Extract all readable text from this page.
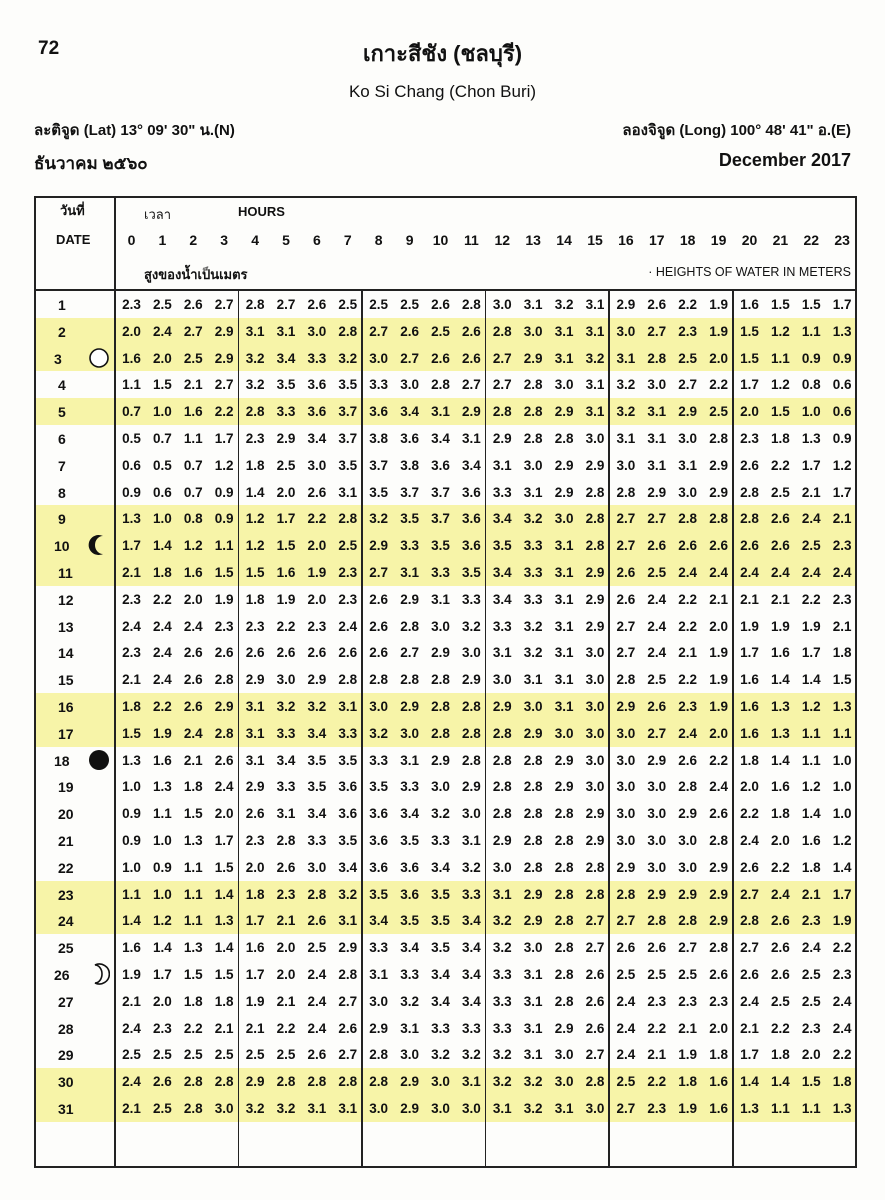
72	เกาะสีชัง (ชลบุรี)
Ko Si Chang (Chon Buri)
ละติจูด (Lat) 13° 09' 30" น.(N)	ลองจิจูด (Long) 100° 48' 41" อ.(E)
ธันวาคม ๒๕๖๐	December 2017
วันที่
DATE
เวลา	HOURS
สูงของน้ำเป็นเมตร	· HEIGHTS OF WATER IN METERS
0	1	2	3	4	5	6	7	8	9	10	11	12	13	14	15	16	17	18	19	20	21	22	23
1	2.3 2.5 2.6 2.7 2.8 2.7 2.6 2.5 2.5 2.5 2.6 2.8 3.0 3.1 3.2 3.1 2.9 2.6 2.2 1.9 1.6 1.5 1.5 1.7
2	2.0 2.4 2.7 2.9 3.1 3.1 3.0 2.8 2.7 2.6 2.5 2.6 2.8 3.0 3.1 3.1 3.0 2.7 2.3 1.9 1.5 1.2 1.1 1.3
3	1.6 2.0 2.5 2.9 3.2 3.4 3.3 3.2 3.0 2.7 2.6 2.6 2.7 2.9 3.1 3.2 3.1 2.8 2.5 2.0 1.5 1.1 0.9 0.9
4	1.1 1.5 2.1 2.7 3.2 3.5 3.6 3.5 3.3 3.0 2.8 2.7 2.7 2.8 3.0 3.1 3.2 3.0 2.7 2.2 1.7 1.2 0.8 0.6
5	0.7 1.0 1.6 2.2 2.8 3.3 3.6 3.7 3.6 3.4 3.1 2.9 2.8 2.8 2.9 3.1 3.2 3.1 2.9 2.5 2.0 1.5 1.0 0.6
6	0.5 0.7 1.1 1.7 2.3 2.9 3.4 3.7 3.8 3.6 3.4 3.1 2.9 2.8 2.8 3.0 3.1 3.1 3.0 2.8 2.3 1.8 1.3 0.9
7	0.6 0.5 0.7 1.2 1.8 2.5 3.0 3.5 3.7 3.8 3.6 3.4 3.1 3.0 2.9 2.9 3.0 3.1 3.1 2.9 2.6 2.2 1.7 1.2
8	0.9 0.6 0.7 0.9 1.4 2.0 2.6 3.1 3.5 3.7 3.7 3.6 3.3 3.1 2.9 2.8 2.8 2.9 3.0 2.9 2.8 2.5 2.1 1.7
9	1.3 1.0 0.8 0.9 1.2 1.7 2.2 2.8 3.2 3.5 3.7 3.6 3.4 3.2 3.0 2.8 2.7 2.7 2.8 2.8 2.8 2.6 2.4 2.1
10	1.7 1.4 1.2 1.1 1.2 1.5 2.0 2.5 2.9 3.3 3.5 3.6 3.5 3.3 3.1 2.8 2.7 2.6 2.6 2.6 2.6 2.6 2.5 2.3
11	2.1 1.8 1.6 1.5 1.5 1.6 1.9 2.3 2.7 3.1 3.3 3.5 3.4 3.3 3.1 2.9 2.6 2.5 2.4 2.4 2.4 2.4 2.4 2.4
12	2.3 2.2 2.0 1.9 1.8 1.9 2.0 2.3 2.6 2.9 3.1 3.3 3.4 3.3 3.1 2.9 2.6 2.4 2.2 2.1 2.1 2.1 2.2 2.3
13	2.4 2.4 2.4 2.3 2.3 2.2 2.3 2.4 2.6 2.8 3.0 3.2 3.3 3.2 3.1 2.9 2.7 2.4 2.2 2.0 1.9 1.9 1.9 2.1
14	2.3 2.4 2.6 2.6 2.6 2.6 2.6 2.6 2.6 2.7 2.9 3.0 3.1 3.2 3.1 3.0 2.7 2.4 2.1 1.9 1.7 1.6 1.7 1.8
15	2.1 2.4 2.6 2.8 2.9 3.0 2.9 2.8 2.8 2.8 2.8 2.9 3.0 3.1 3.1 3.0 2.8 2.5 2.2 1.9 1.6 1.4 1.4 1.5
16	1.8 2.2 2.6 2.9 3.1 3.2 3.2 3.1 3.0 2.9 2.8 2.8 2.9 3.0 3.1 3.0 2.9 2.6 2.3 1.9 1.6 1.3 1.2 1.3
17	1.5 1.9 2.4 2.8 3.1 3.3 3.4 3.3 3.2 3.0 2.8 2.8 2.8 2.9 3.0 3.0 3.0 2.7 2.4 2.0 1.6 1.3 1.1 1.1
18	1.3 1.6 2.1 2.6 3.1 3.4 3.5 3.5 3.3 3.1 2.9 2.8 2.8 2.8 2.9 3.0 3.0 2.9 2.6 2.2 1.8 1.4 1.1 1.0
19	1.0 1.3 1.8 2.4 2.9 3.3 3.5 3.6 3.5 3.3 3.0 2.9 2.8 2.8 2.9 3.0 3.0 3.0 2.8 2.4 2.0 1.6 1.2 1.0
20	0.9 1.1 1.5 2.0 2.6 3.1 3.4 3.6 3.6 3.4 3.2 3.0 2.8 2.8 2.8 2.9 3.0 3.0 2.9 2.6 2.2 1.8 1.4 1.0
21	0.9 1.0 1.3 1.7 2.3 2.8 3.3 3.5 3.6 3.5 3.3 3.1 2.9 2.8 2.8 2.9 3.0 3.0 3.0 2.8 2.4 2.0 1.6 1.2
22	1.0 0.9 1.1 1.5 2.0 2.6 3.0 3.4 3.6 3.6 3.4 3.2 3.0 2.8 2.8 2.8 2.9 3.0 3.0 2.9 2.6 2.2 1.8 1.4
23	1.1 1.0 1.1 1.4 1.8 2.3 2.8 3.2 3.5 3.6 3.5 3.3 3.1 2.9 2.8 2.8 2.8 2.9 2.9 2.9 2.7 2.4 2.1 1.7
24	1.4 1.2 1.1 1.3 1.7 2.1 2.6 3.1 3.4 3.5 3.5 3.4 3.2 2.9 2.8 2.7 2.7 2.8 2.8 2.9 2.8 2.6 2.3 1.9
25	1.6 1.4 1.3 1.4 1.6 2.0 2.5 2.9 3.3 3.4 3.5 3.4 3.2 3.0 2.8 2.7 2.6 2.6 2.7 2.8 2.7 2.6 2.4 2.2
26	1.9 1.7 1.5 1.5 1.7 2.0 2.4 2.8 3.1 3.3 3.4 3.4 3.3 3.1 2.8 2.6 2.5 2.5 2.5 2.6 2.6 2.6 2.5 2.3
27	2.1 2.0 1.8 1.8 1.9 2.1 2.4 2.7 3.0 3.2 3.4 3.4 3.3 3.1 2.8 2.6 2.4 2.3 2.3 2.3 2.4 2.5 2.5 2.4
28	2.4 2.3 2.2 2.1 2.1 2.2 2.4 2.6 2.9 3.1 3.3 3.3 3.3 3.1 2.9 2.6 2.4 2.2 2.1 2.0 2.1 2.2 2.3 2.4
29	2.5 2.5 2.5 2.5 2.5 2.5 2.6 2.7 2.8 3.0 3.2 3.2 3.2 3.1 3.0 2.7 2.4 2.1 1.9 1.8 1.7 1.8 2.0 2.2
30	2.4 2.6 2.8 2.8 2.9 2.8 2.8 2.8 2.8 2.9 3.0 3.1 3.2 3.2 3.0 2.8 2.5 2.2 1.8 1.6 1.4 1.4 1.5 1.8
31	2.1 2.5 2.8 3.0 3.2 3.2 3.1 3.1 3.0 2.9 3.0 3.0 3.1 3.2 3.1 3.0 2.7 2.3 1.9 1.6 1.3 1.1 1.1 1.3
